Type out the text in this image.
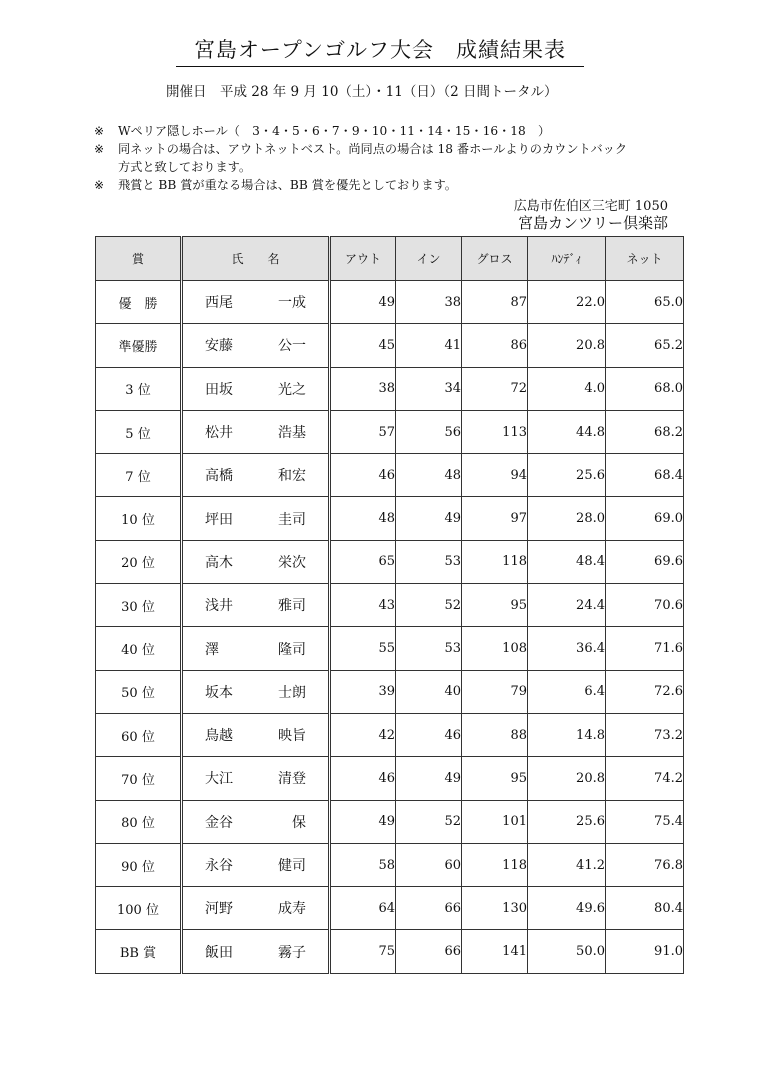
宮島オープンゴルフ大会　成績結果表
開催日　平成 28 年 9 月 10（土）・11（日）（2 日間トータル）
※	Wペリア隠しホール（　3・4・5・6・7・9・10・11・14・15・16・18　）
※	同ネットの場合は、アウトネットベスト。尚同点の場合は 18 番ホールよりのカウントバック
方式と致しております。
※	飛賞と BB 賞が重なる場合は、BB 賞を優先としております。
広島市佐伯区三宅町 1050
宮島カンツリー倶楽部
賞	氏　　名	アウト	イン	グロス	ﾊﾝﾃﾞｨ	ネット
優　勝	西尾 一成	49	38	87	22.0	65.0
準優勝	安藤 公一	45	41	86	20.8	65.2
3 位	田坂 光之	38	34	72	4.0	68.0
5 位	松井 浩基	57	56	113	44.8	68.2
7 位	高橋 和宏	46	48	94	25.6	68.4
10 位	坪田 圭司	48	49	97	28.0	69.0
20 位	高木 栄次	65	53	118	48.4	69.6
30 位	浅井 雅司	43	52	95	24.4	70.6
40 位	澤 隆司	55	53	108	36.4	71.6
50 位	坂本 士朗	39	40	79	6.4	72.6
60 位	鳥越 映旨	42	46	88	14.8	73.2
70 位	大江 清登	46	49	95	20.8	74.2
80 位	金谷 保	49	52	101	25.6	75.4
90 位	永谷 健司	58	60	118	41.2	76.8
100 位	河野 成寿	64	66	130	49.6	80.4
BB 賞	飯田 霧子	75	66	141	50.0	91.0
